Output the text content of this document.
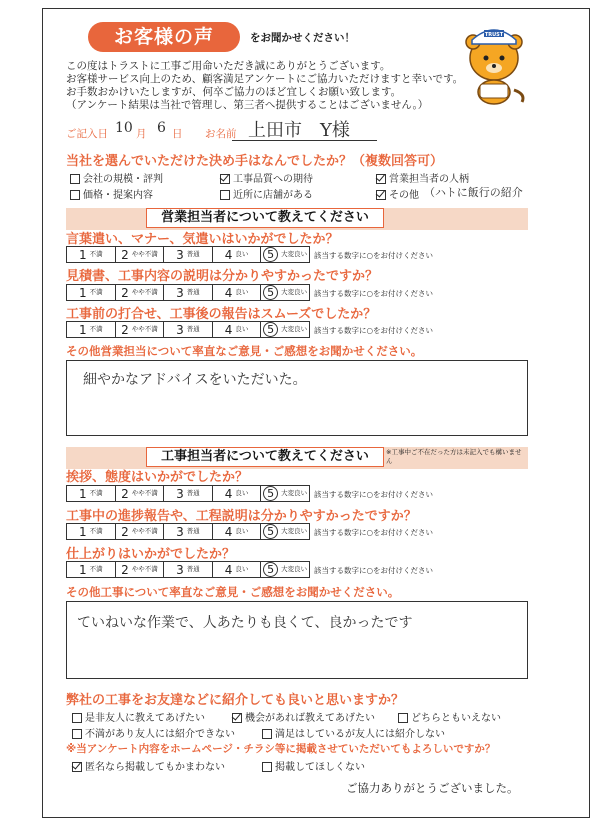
お客様の声	をお聞かせください！	TRUST
この度はトラストに工事ご用命いただき誠にありがとうございます。
お客様サービス向上のため、顧客満足アンケートにご協力いただけますと幸いです。
お手数おかけいたしますが、何卒ご協力のほど宜しくお願い致します。
（アンケート結果は当社で管理し、第三者へ提供することはございません。）
ご記入日 10 月 6 日 お名前 上田市　Y様
当社を選んでいただけた決め手はなんでしたか？（複数回答可）
会社の規模・評判	工事品質への期待	営業担当者の人柄
価格・提案内容	近所に店舗がある	その他 （ハトに飯行の紹介
営業担当者について教えてください
言葉遣い、マナー、気遣いはいかがでしたか？
1 不満 2 やや不満 3 普通 4 良い	5	大変良い 該当する数字に○をお付けください
見積書、工事内容の説明は分かりやすかったですか？
1 不満 2 やや不満 3 普通 4 良い	5	大変良い 該当する数字に○をお付けください
工事前の打合せ、工事後の報告はスムーズでしたか？
1 不満 2 やや不満 3 普通 4 良い	5	大変良い 該当する数字に○をお付けください
その他営業担当について率直なご意見・ご感想をお聞かせください。
細やかなアドバイスをいただいた。
工事担当者について教えてください	※工事中ご不在だった方は未記入でも構いません
挨拶、態度はいかがでしたか？
1 不満 2 やや不満 3 普通 4 良い	5	大変良い 該当する数字に○をお付けください
工事中の進捗報告や、工程説明は分かりやすかったですか？
1 不満 2 やや不満 3 普通 4 良い	5	大変良い 該当する数字に○をお付けください
仕上がりはいかがでしたか？
1 不満 2 やや不満 3 普通 4 良い	5	大変良い 該当する数字に○をお付けください
その他工事について率直なご意見・ご感想をお聞かせください。
ていねいな作業で、人あたりも良くて、良かったです
弊社の工事をお友達などに紹介しても良いと思いますか？
是非友人に教えてあげたい	機会があれば教えてあげたい	どちらともいえない
不満があり友人には紹介できない	満足はしているが友人には紹介しない
※当アンケート内容をホームページ・チラシ等に掲載させていただいてもよろしいですか？
匿名なら掲載してもかまわない	掲載してほしくない
ご協力ありがとうございました。
